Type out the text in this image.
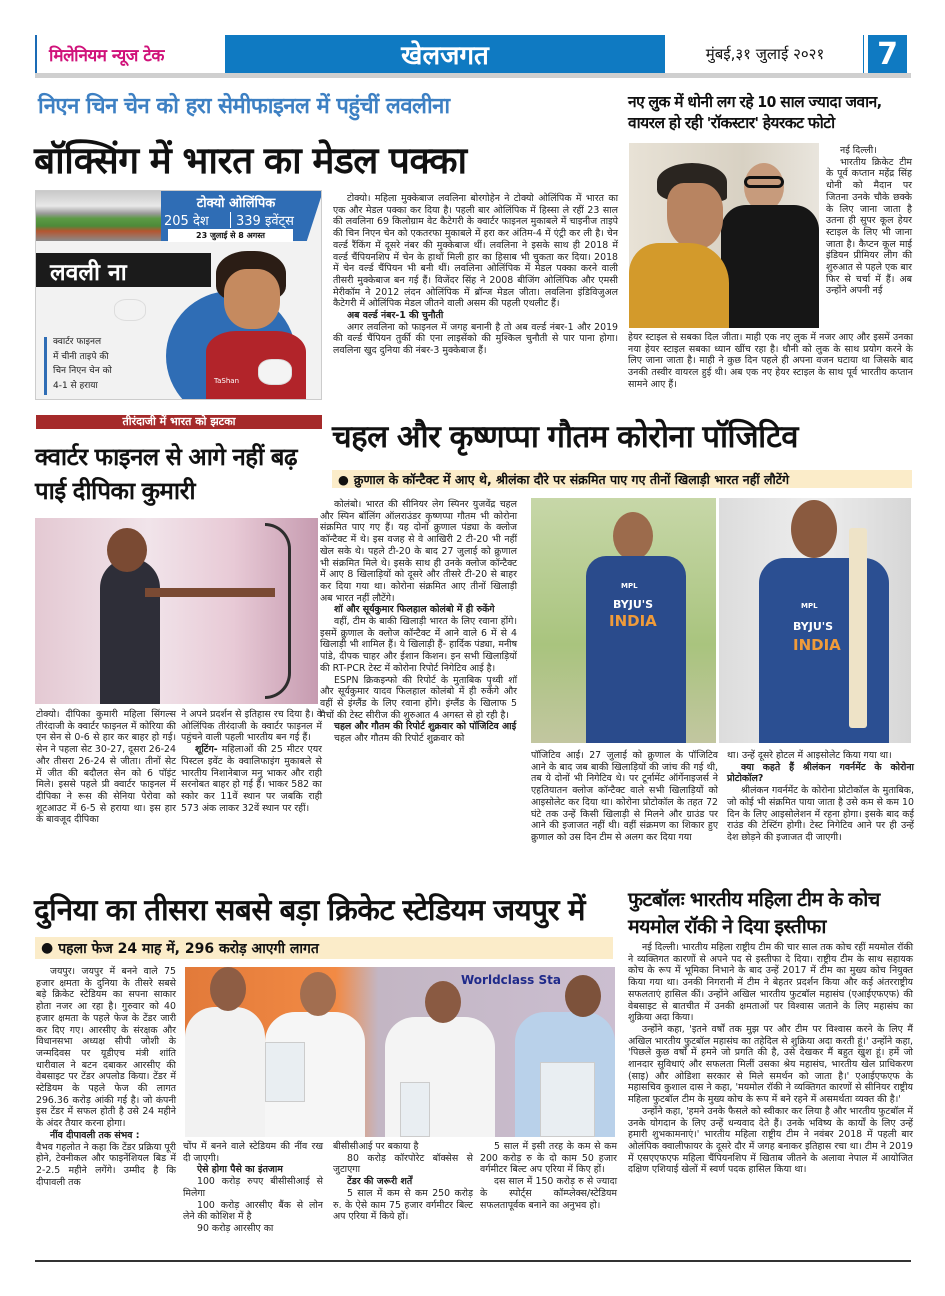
मिलेनियम न्यूज टेक	खेलजगत	मुंबई,३१ जुलाई २०२१	7
निएन चिन चेन को हरा सेमीफाइनल में पहुंचीं लवलीना
बॉक्सिंग में भारत का मेडल पक्का
टोक्यो ओलिंपिक
205 देश 339 इवेंट्स
23 जुलाई से 8 अगस्त
लवली ना
TaShan
क्वार्टर फाइनल
में चीनी ताइपे की
चिन निएन चेन को
4-1 से हराया

टोक्यो। महिला मुक्केबाज लवलिना बोरगोहेन ने टोक्यो ओलिंपिक में भारत का एक और मेडल पक्का कर दिया है। पहली बार ओलिंपिक में हिस्सा ले रहीं 23 साल की लवलिना 69 किलोग्राम वेट कैटेगरी के क्वार्टर फाइनल मुकाबले में चाइनीज ताइपे की चिन निएन चेन को एकतरफा मुकाबले में हरा कर अंतिम-4 में एंट्री कर ली है। चेन वर्ल्ड रैंकिंग में दूसरे नंबर की मुक्केबाज थीं। लवलिना ने इसके साथ ही 2018 में वर्ल्ड चैंपियनशिप में चेन के हाथों मिली हार का हिसाब भी चुकता कर दिया। 2018 में चेन वर्ल्ड चैंपियन भी बनी थीं। लवलिना ओलिंपिक में मेडल पक्का करने वाली तीसरी मुक्केबाज बन गई हैं। विजेंदर सिंह ने 2008 बीजिंग ओलिंपिक और एमसी मेरीकॉम ने 2012 लंदन ओलिंपिक में ब्रॉन्ज मेडल जीता। लवलिना इंडिविजुअल कैटेगरी में ओलिंपिक मेडल जीतने वाली असम की पहली एथलीट हैं।

अब वर्ल्ड नंबर-1 की चुनौती

अगर लवलिना को फाइनल में जगह बनानी है तो अब वर्ल्ड नंबर-1 और 2019 की वर्ल्ड चैंपियन तुर्की की एना लाइसेंको की मुश्किल चुनौती से पार पाना होगा। लवलिना खुद दुनिया की नंबर-3 मुक्केबाज हैं।

नए लुक में धोनी लग रहे 10 साल ज्यादा जवान, वायरल हो रही 'रॉकस्टार' हेयरकट फोटो

नई दिल्ली।

भारतीय क्रिकेट टीम के पूर्व कप्तान महेंद्र सिंह धोनी को मैदान पर जितना उनके चौके छक्के के लिए जाना जाता है उतना ही सुपर कूल हेयर स्टाइल के लिए भी जाना जाता है। कैप्टन कूल माई इंडियन प्रीमियर लीग की शुरुआत से पहले एक बार फिर से चर्चा में हैं। अब उन्होंने अपनी नई

हेयर स्टाइल से सबका दिल जीता। माही एक नए लुक में नजर आए और इसमें उनका नया हेयर स्टाइल सबका ध्यान खींच रहा है। धौनी को लुक के साथ प्रयोग करने के लिए जाना जाता है। माही ने कुछ दिन पहले ही अपना वजन घटाया था जिसके बाद उनकी तस्वीर वायरल हुई थी। अब एक नए हेयर स्टाइल के साथ पूर्व भारतीय कप्तान सामने आए हैं।
तीरंदाजी में भारत को झटका
क्वार्टर फाइनल से आगे नहीं बढ़ पाई दीपिका कुमारी
टोक्यो। दीपिका कुमारी महिला सिंगल्स तीरंदाजी के क्वार्टर फाइनल में कोरिया की एन सेन से 0-6 से हार कर बाहर हो गई। सेन ने पहला सेट 30-27, दूसरा 26-24 और तीसरा 26-24 से जीता। तीनों सेट में जीत की बदौलत सेन को 6 पॉइंट मिले। इससे पहले प्री क्वार्टर फाइनल में दीपिका ने रूस की सेनिया पेरोवा को शूटआउट में 6-5 से हराया था। इस हार के बावजूद दीपिका
ने अपने प्रदर्शन से इतिहास रच दिया है। वे ओलिंपिक तीरंदाजी के क्वार्टर फाइनल में पहुंचने वाली पहली भारतीय बन गई हैं।
शूटिंग- महिलाओं की 25 मीटर एयर पिस्टल इवेंट के क्वालिफाइंग मुकाबले से भारतीय निशानेबाज मनु भाकर और राही सरनोबत बाहर हो गई हैं। भाकर 582 का स्कोर कर 11वें स्थान पर जबकि राही 573 अंक लाकर 32वें स्थान पर रहीं।
चहल और कृष्णप्पा गौतम कोरोना पॉजिटिव
● क्रुणाल के कॉन्टैक्ट में आए थे, श्रीलंका दौरे पर संक्रमित पाए गए तीनों खिलाड़ी भारत नहीं लौटेंगे

कोलंबो। भारत की सीनियर लेग स्पिनर युजवेंद्र चहल और स्पिन बॉलिंग ऑलराउंडर कृष्णप्पा गौतम भी कोरोना संक्रमित पाए गए हैं। यह दोनों क्रुणाल पंड्या के क्लोज कॉन्टैक्ट में थे। इस वजह से वे आखिरी 2 टी-20 भी नहीं खेल सके थे। पहले टी-20 के बाद 27 जुलाई को क्रुणाल भी संक्रमित मिले थे। इसके साथ ही उनके क्लोज कॉन्टैक्ट में आए 8 खिलाड़ियों को दूसरे और तीसरे टी-20 से बाहर कर दिया गया था। कोरोना संक्रमित आए तीनों खिलाड़ी अब भारत नहीं लौटेंगे।

शॉ और सूर्यकुमार फिलहाल कोलंबो में ही रुकेंगे

वहीं, टीम के बाकी खिलाड़ी भारत के लिए रवाना होंगे। इसमें क्रुणाल के क्लोज कॉन्टैक्ट में आने वाले 6 में से 4 खिलाड़ी भी शामिल हैं। ये खिलाड़ी हैं- हार्दिक पंड्या, मनीष पांडे, दीपक चाहर और ईशान किशन। इन सभी खिलाड़ियों की RT-PCR टेस्ट में कोरोना रिपोर्ट निगेटिव आई है।

ESPN क्रिकइन्फो की रिपोर्ट के मुताबिक पृथ्वी शॉ और सूर्यकुमार यादव फिलहाल कोलंबो में ही रुकेंगे और वहीं से इंग्लैंड के लिए रवाना होंगे। इंग्लैंड के खिलाफ 5 मैचों की टेस्ट सीरीज की शुरुआत 4 अगस्त से हो रही है।

चहल और गौतम की रिपोर्ट शुक्रवार को पॉजिटिव आई

चहल और गौतम की रिपोर्ट शुक्रवार को

BYJU'S
INDIA
MPL
BYJU'S
INDIA
MPL
पॉजिटिव आई। 27 जुलाई को क्रुणाल के पॉजिटिव आने के बाद जब बाकी खिलाड़ियों की जांच की गई थी, तब ये दोनों भी निगेटिव थे। पर टूर्नामेंट ऑर्गेनाइजर्स ने एहतियातन क्लोज कॉन्टैक्ट वाले सभी खिलाड़ियों को आइसोलेट कर दिया था। कोरोना प्रोटोकॉल के तहत 72 घंटे तक उन्हें किसी खिलाड़ी से मिलने और ग्राउंड पर आने की इजाजत नहीं थी। वहीं संक्रमण का शिकार हुए क्रुणाल को उस दिन टीम से अलग कर दिया गया
था। उन्हें दूसरे होटल में आइसोलेट किया गया था।

क्या कहते हैं श्रीलंकन गवर्नमेंट के कोरोना प्रोटोकॉल?

श्रीलंकन गवर्नमेंट के कोरोना प्रोटोकॉल के मुताबिक, जो कोई भी संक्रमित पाया जाता है उसे कम से कम 10 दिन के लिए आइसोलेशन में रहना होगा। इसके बाद कई राउंड की टेस्टिंग होगी। टेस्ट निगेटिव आने पर ही उन्हें देश छोड़ने की इजाजत दी जाएगी।

दुनिया का तीसरा सबसे बड़ा क्रिकेट स्टेडियम जयपुर में
● पहला फेज 24 माह में, 296 करोड़ आएगी लागत

जयपुर। जयपुर में बनने वाले 75 हजार क्षमता के दुनिया के तीसरे सबसे बड़े क्रिकेट स्टेडियम का सपना साकार होता नजर आ रहा है। गुरुवार को 40 हजार क्षमता के पहले फेज के टेंडर जारी कर दिए गए। आरसीए के संरक्षक और विधानसभा अध्यक्ष सीपी जोशी के जन्मदिवस पर यूडीएच मंत्री शांति धारीवाल ने बटन दबाकर आरसीए की वेबसाइट पर टेंडर अपलोड किया। टेंडर में स्टेडियम के पहले फेज की लागत 296.36 करोड़ आंकी गई है। जो कंपनी इस टेंडर में सफल होती है उसे 24 महीने के अंदर तैयार करना होगा।

नींव दीपावली तक संभव :

वैभव गहलोत ने कहा कि टेंडर प्रक्रिया पूरी होने, टेक्नीकल और फाइनेंशियल बिड में 2-2.5 महीने लगेंगे। उम्मीद है कि दीपावली तक
Worldclass Sta
चोंप में बनने वाले स्टेडियम की नींव रख दी जाएगी।

ऐसे होगा पैसे का इंतजाम

100 करोड़ रुपए बीसीसीआई से मिलेगा

100 करोड़ आरसीए बैंक से लोन लेने की कोशिश में है

90 करोड़ आरसीए का

बीसीसीआई पर बकाया है

80 करोड़ कॉरपोरेट बॉक्सेस से जुटाएगा

टेंडर की जरूरी शर्तें

5 साल में कम से कम 250 करोड़ रु. के ऐसे काम 75 हजार वर्गमीटर बिल्ट अप एरिया में किये हों।

5 साल में इसी तरह के कम से कम 200 करोड़ रु के दो काम 50 हजार वर्गमीटर बिल्ट अप एरिया में किए हों।

दस साल में 150 करोड़ रु से ज्यादा के स्पोर्ट्स कॉम्प्लेक्स/स्टेडियम सफलतापूर्वक बनाने का अनुभव हो।

फुटबॉलः भारतीय महिला टीम के कोच मयमोल रॉकी ने दिया इस्तीफा

नई दिल्ली। भारतीय महिला राष्ट्रीय टीम की चार साल तक कोच रहीं मयमोल रॉकी ने व्यक्तिगत कारणों से अपने पद से इस्तीफा दे दिया। राष्ट्रीय टीम के साथ सहायक कोच के रूप में भूमिका निभाने के बाद उन्हें 2017 में टीम का मुख्य कोच नियुक्त किया गया था। उनकी निगरानी में टीम ने बेहतर प्रदर्शन किया और कई अंतरराष्ट्रीय सफलताएं हासिल कीं। उन्होंने अखिल भारतीय फुटबॉल महासंघ (एआईएफएफ) की वेबसाइट से बातचीत में उनकी क्षमताओं पर विश्वास जताने के लिए महासंघ का शुक्रिया अदा किया।

उन्होंने कहा, 'इतने वर्षों तक मुझ पर और टीम पर विश्वास करने के लिए मैं अखिल भारतीय फुटबॉल महासंघ का तहेदिल से शुक्रिया अदा करती हूं।' उन्होंने कहा, 'पिछले कुछ वर्षों में हमने जो प्रगति की है, उसे देखकर मैं बहुत खुश हूं। हमें जो शानदार सुविधाएं और सफलता मिलीं उसका श्रेय महासंघ, भारतीय खेल प्राधिकरण (साइ) और ओडिशा सरकार से मिले समर्थन को जाता है।' एआईएफएफ के महासचिव कुशाल दास ने कहा, 'मयमोल रॉकी ने व्यक्तिगत कारणों से सीनियर राष्ट्रीय महिला फुटबॉल टीम के मुख्य कोच के रूप में बने रहने में असमर्थता व्यक्त की है।'

उन्होंने कहा, 'हमने उनके फैसले को स्वीकार कर लिया है और भारतीय फुटबॉल में उनके योगदान के लिए उन्हें धन्यवाद देते हैं। उनके भविष्य के कार्यों के लिए उन्हें हमारी शुभकामनाएं।' भारतीय महिला राष्ट्रीय टीम ने नवंबर 2018 में पहली बार ओलंपिक क्वालीफायर के दूसरे दौर में जगह बनाकर इतिहास रचा था। टीम ने 2019 में एसएएफएफ महिला चैंपियनशिप में खिताब जीतने के अलावा नेपाल में आयोजित दक्षिण एशियाई खेलों में स्वर्ण पदक हासिल किया था।
